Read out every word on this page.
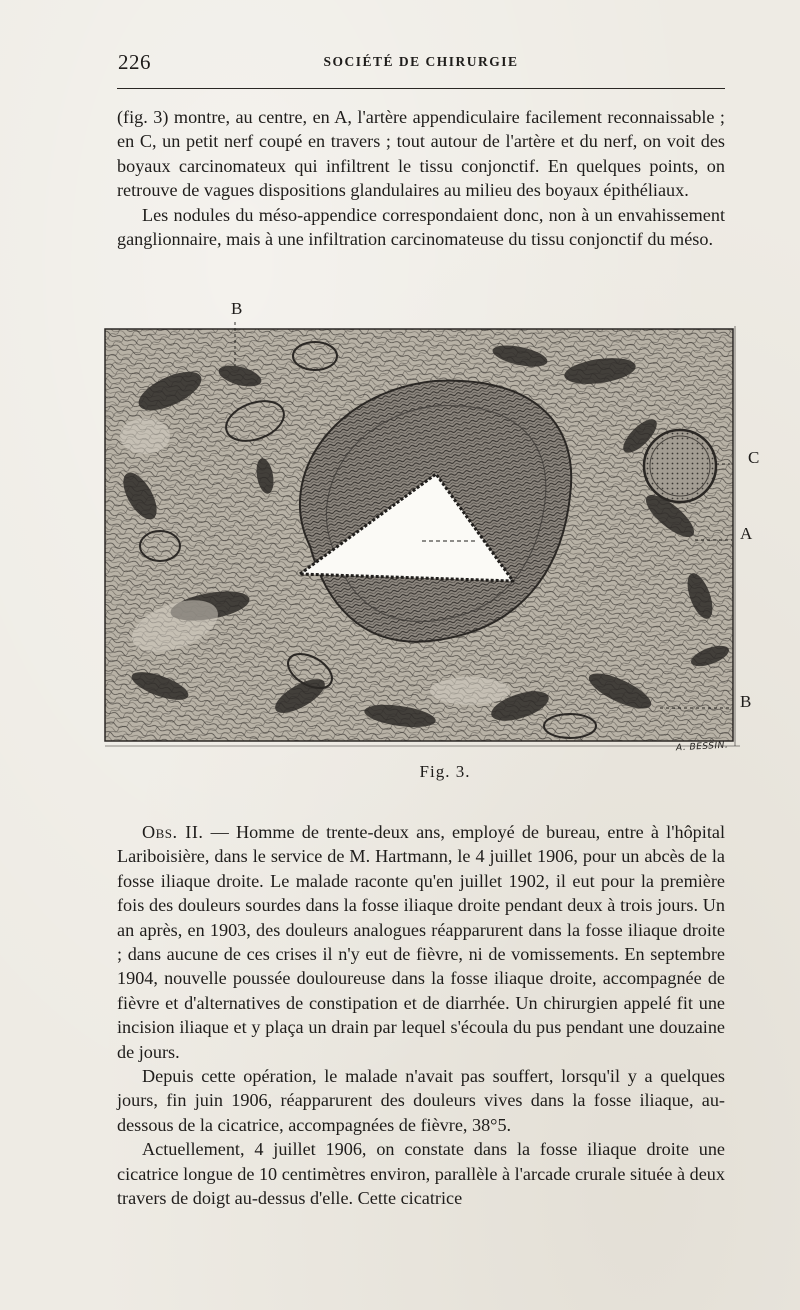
226	SOCIÉTÉ DE CHIRURGIE

(fig. 3) montre, au centre, en A, l'artère appendiculaire facilement reconnaissable ; en C, un petit nerf coupé en travers ; tout autour de l'artère et du nerf, on voit des boyaux carcinomateux qui infiltrent le tissu conjonctif. En quelques points, on retrouve de vagues dispositions glandulaires au milieu des boyaux épithéliaux.

Les nodules du méso-appendice correspondaient donc, non à un envahissement ganglionnaire, mais à une infiltration carcinomateuse du tissu conjonctif du méso.

B
C
A
B
A. BESSIN.
Fig. 3.

Obs. II. — Homme de trente-deux ans, employé de bureau, entre à l'hôpital Lariboisière, dans le service de M. Hartmann, le 4 juillet 1906, pour un abcès de la fosse iliaque droite. Le malade raconte qu'en juillet 1902, il eut pour la première fois des douleurs sourdes dans la fosse iliaque droite pendant deux à trois jours. Un an après, en 1903, des douleurs analogues réapparurent dans la fosse iliaque droite ; dans aucune de ces crises il n'y eut de fièvre, ni de vomissements. En septembre 1904, nouvelle poussée douloureuse dans la fosse iliaque droite, accompagnée de fièvre et d'alternatives de constipation et de diarrhée. Un chirurgien appelé fit une incision iliaque et y plaça un drain par lequel s'écoula du pus pendant une douzaine de jours.

Depuis cette opération, le malade n'avait pas souffert, lorsqu'il y a quelques jours, fin juin 1906, réapparurent des douleurs vives dans la fosse iliaque, au-dessous de la cicatrice, accompagnées de fièvre, 38°5.

Actuellement, 4 juillet 1906, on constate dans la fosse iliaque droite une cicatrice longue de 10 centimètres environ, parallèle à l'arcade crurale située à deux travers de doigt au-dessus d'elle. Cette cicatrice
